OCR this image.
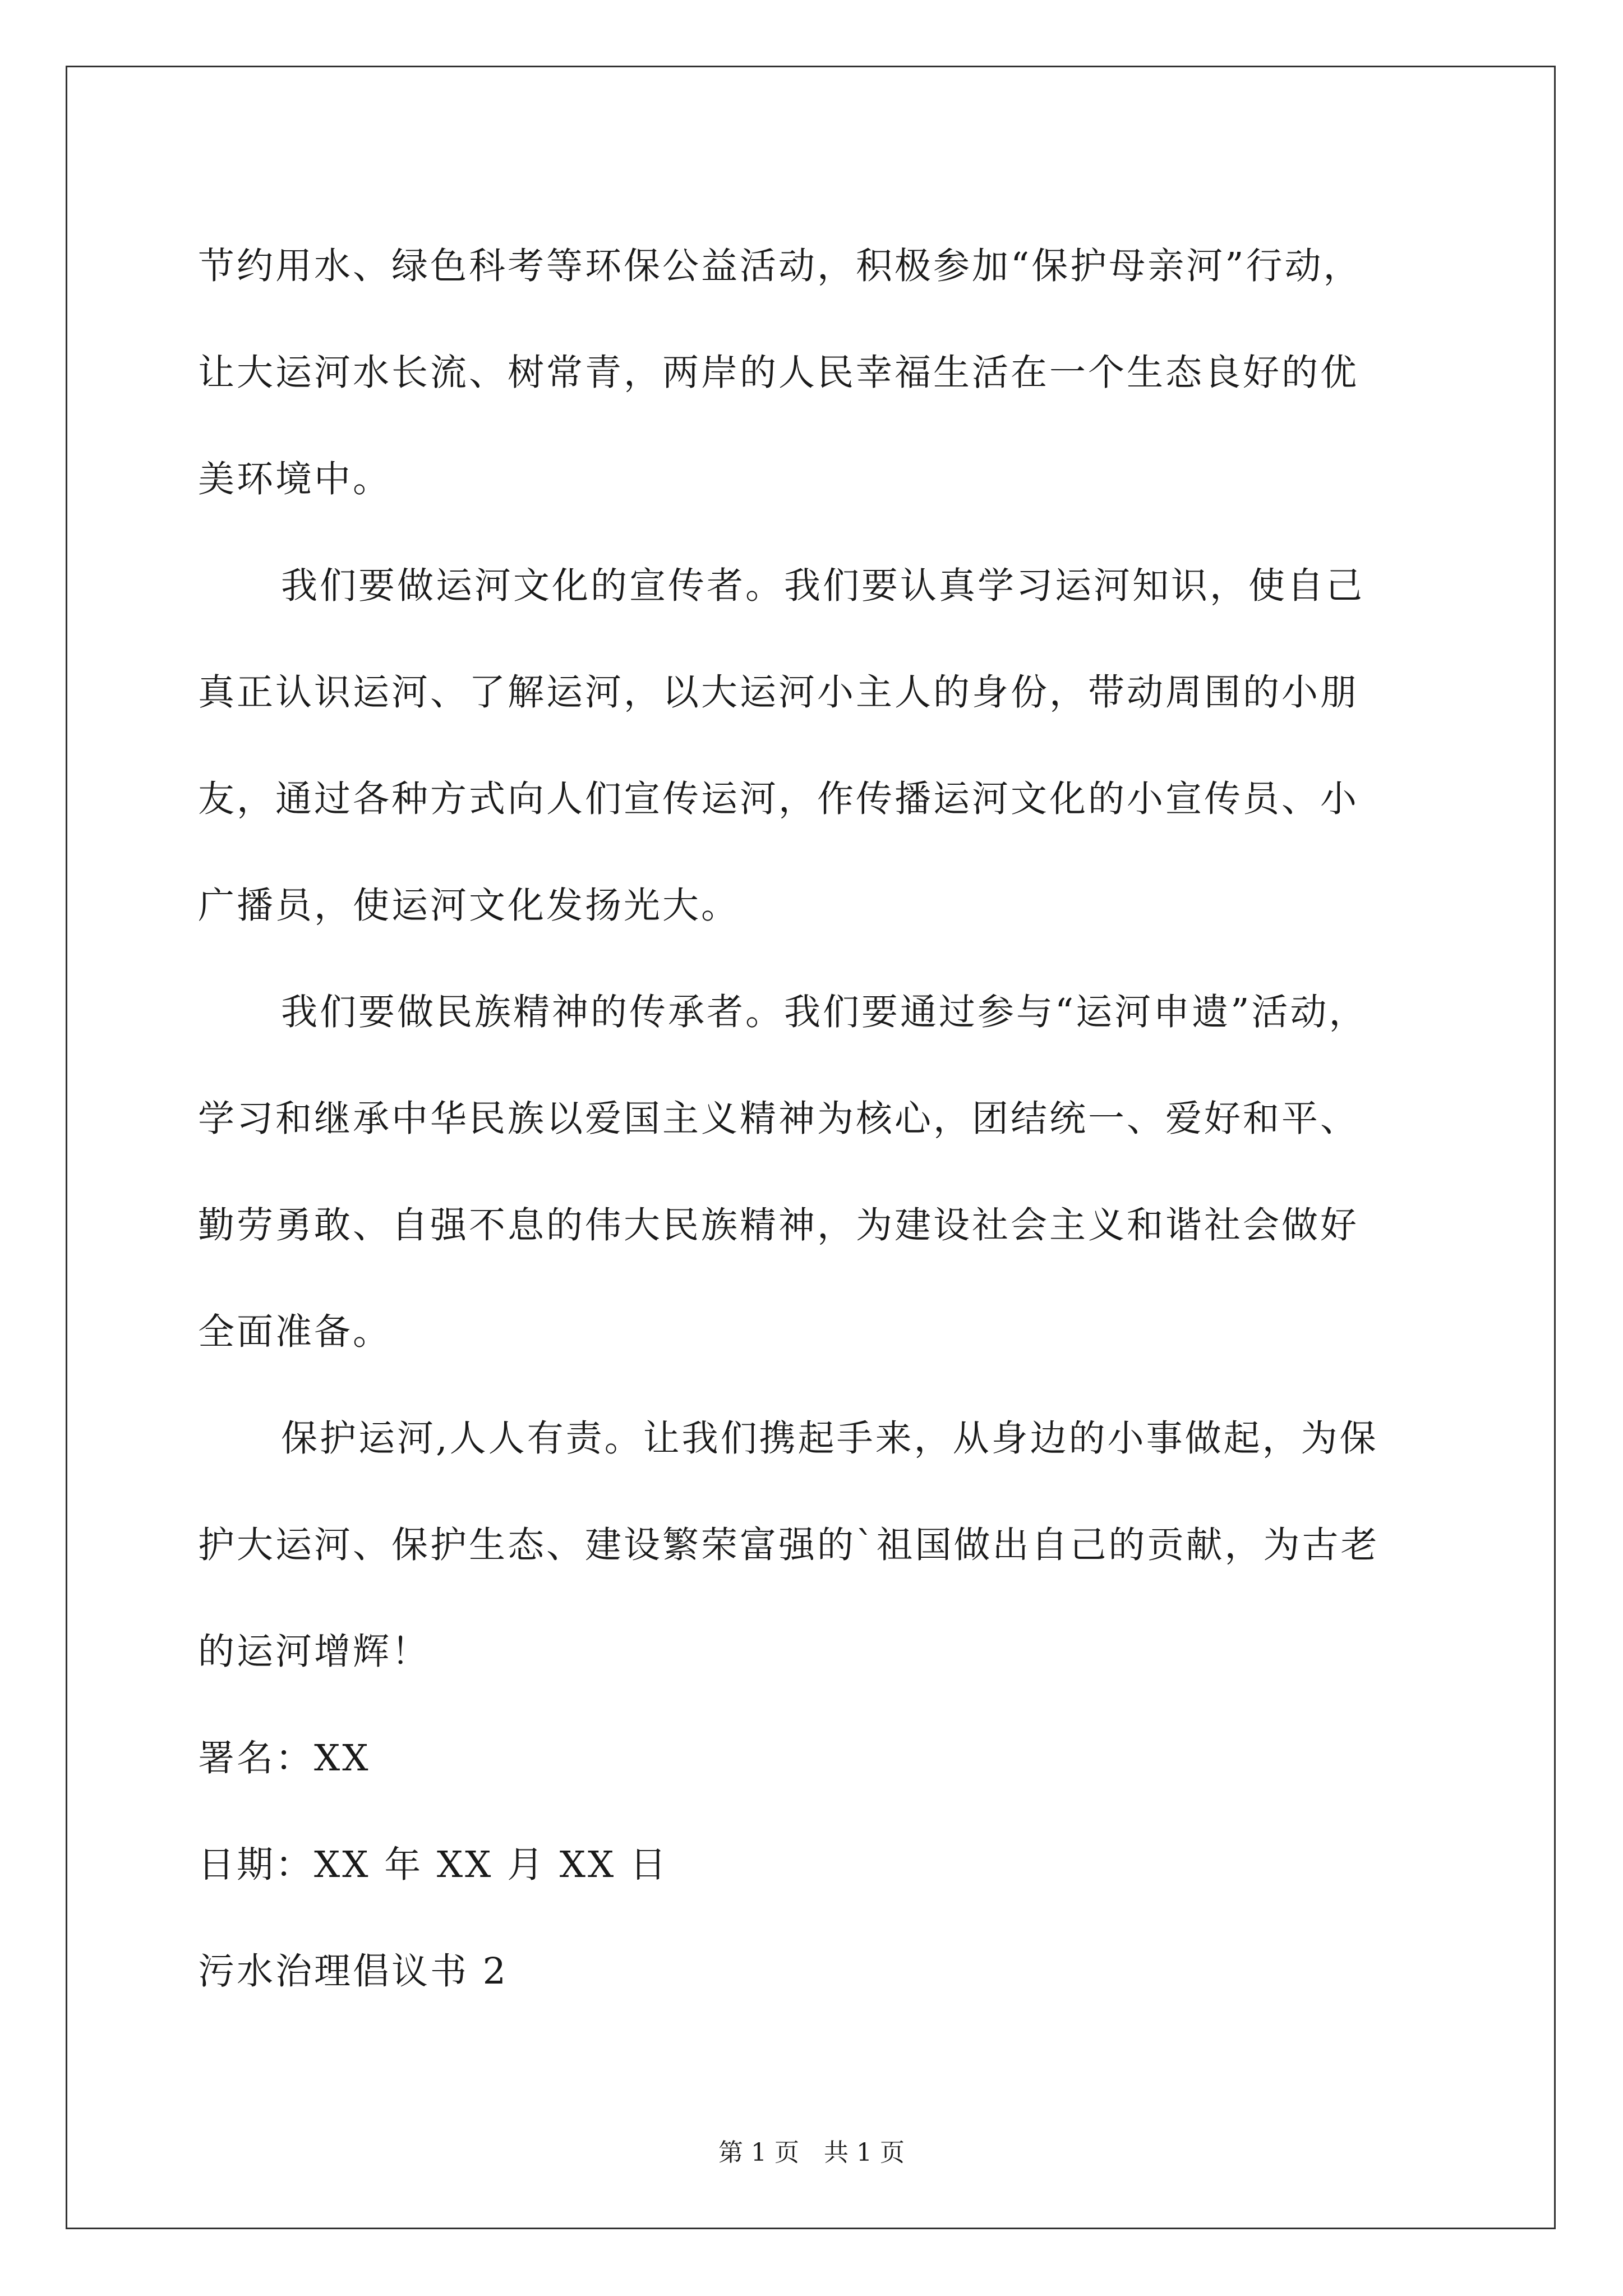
节约用水、绿色科考等环保公益活动，积极参加“保护母亲河”行动，
让大运河水长流、树常青，两岸的人民幸福生活在一个生态良好的优
美环境中。
我们要做运河文化的宣传者。我们要认真学习运河知识，使自己
真正认识运河、了解运河，以大运河小主人的身份，带动周围的小朋
友，通过各种方式向人们宣传运河，作传播运河文化的小宣传员、小
广播员，使运河文化发扬光大。
我们要做民族精神的传承者。我们要通过参与“运河申遗”活动，
学习和继承中华民族以爱国主义精神为核心，团结统一、爱好和平、
勤劳勇敢、自强不息的伟大民族精神，为建设社会主义和谐社会做好
全面准备。
保护运河,人人有责。让我们携起手来，从身边的小事做起，为保
护大运河、保护生态、建设繁荣富强的`祖国做出自己的贡献，为古老
的运河增辉！
署名：XX
日期：XX 年 XX 月 XX 日
污水治理倡议书 2
第 1 页　共 1 页
